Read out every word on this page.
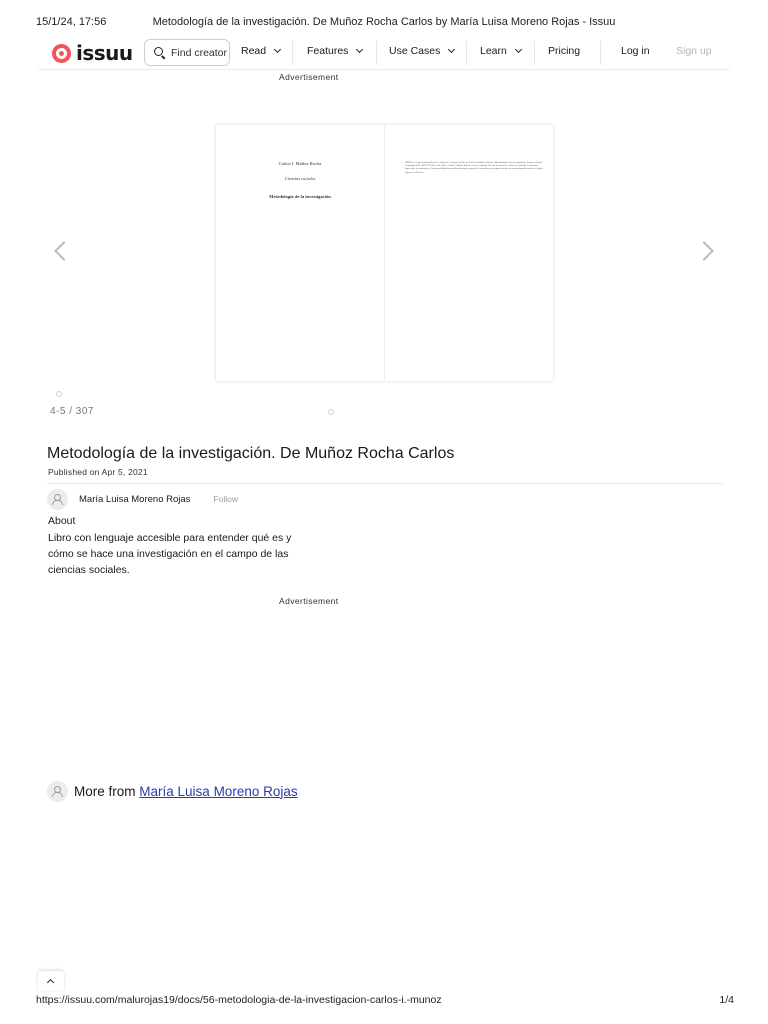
15/1/24, 17:56	Metodología de la investigación. De Muñoz Rocha Carlos by María Luisa Moreno Rojas - Issuu
issuu	Find creator Read	Features	Use Cases	Learn	Pricing	Log in	Sign up
Advertisement
Carlos I. Muñoz Rocha
Ciencias sociales
Metodología de la investigación
DEDICA. Grupo Editorial Patria. Colegio de Ciencias Sociales de la Universidad de México. Metodología de la investigación. Primera edición. Copyright 2016. ISBN 978-607-744. Autor: Carlos I. Muñoz Rocha. Gerente editorial. Diseño de interiores. Diseño de portada. Formación. Supervisor de producción. Queda prohibida la reproducción total o parcial de esta obra por cualquier medio sin la autorización escrita del editor. Impreso en México.
4-5 / 307
Metodología de la investigación. De Muñoz Rocha Carlos
Published on Apr 5, 2021
María Luisa Moreno Rojas	Follow
About
Libro con lenguaje accesible para entender qué es y cómo se hace una investigación en el campo de las ciencias sociales.
Advertisement
More from María Luisa Moreno Rojas
https://issuu.com/malurojas19/docs/56-metodologia-de-la-investigacion-carlos-i.-munoz	1/4
